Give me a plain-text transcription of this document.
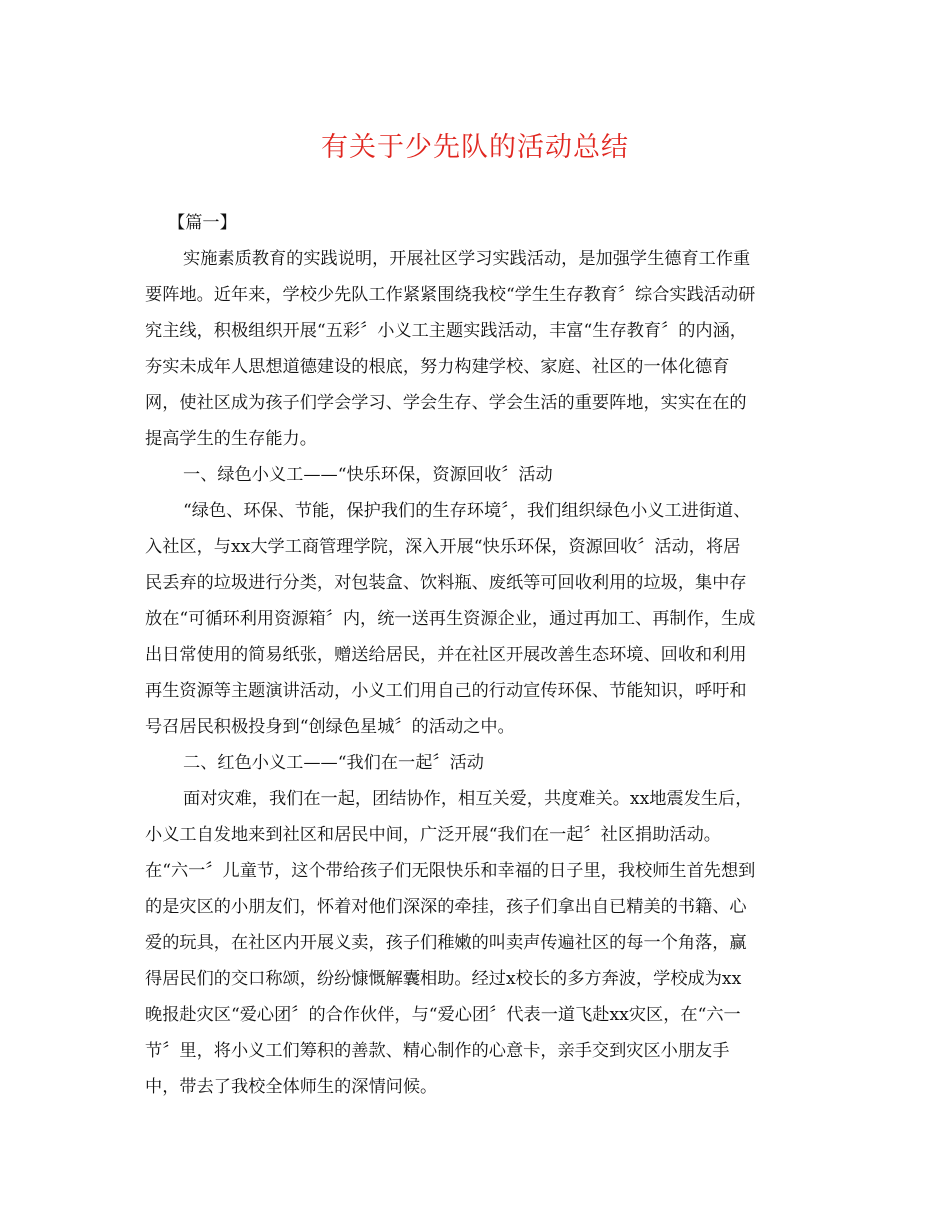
有关于少先队的活动总结

【篇一】

实施素质教育的实践说明，开展社区学习实践活动，是加强学生德育工作重

要阵地。近年来，学校少先队工作紧紧围绕我校“学生生存教育〞综合实践活动研

究主线，积极组织开展“五彩〞小义工主题实践活动，丰富“生存教育〞的内涵，

夯实未成年人思想道德建设的根底，努力构建学校、家庭、社区的一体化德育

网，使社区成为孩子们学会学习、学会生存、学会生活的重要阵地，实实在在的

提高学生的生存能力。

一、绿色小义工——“快乐环保，资源回收〞活动

“绿色、环保、节能，保护我们的生存环境〞，我们组织绿色小义工进街道、

入社区，与xx大学工商管理学院，深入开展“快乐环保，资源回收〞活动，将居

民丢弃的垃圾进行分类，对包装盒、饮料瓶、废纸等可回收利用的垃圾，集中存

放在“可循环利用资源箱〞内，统一送再生资源企业，通过再加工、再制作，生成

出日常使用的简易纸张，赠送给居民，并在社区开展改善生态环境、回收和利用

再生资源等主题演讲活动，小义工们用自己的行动宣传环保、节能知识，呼吁和

号召居民积极投身到“创绿色星城〞的活动之中。

二、红色小义工——“我们在一起〞活动

面对灾难，我们在一起，团结协作，相互关爱，共度难关。xx地震发生后，

小义工自发地来到社区和居民中间，广泛开展“我们在一起〞社区捐助活动。

在“六一〞儿童节，这个带给孩子们无限快乐和幸福的日子里，我校师生首先想到

的是灾区的小朋友们，怀着对他们深深的牵挂，孩子们拿出自已精美的书籍、心

爱的玩具，在社区内开展义卖，孩子们稚嫩的叫卖声传遍社区的每一个角落，赢

得居民们的交口称颂，纷纷慷慨解囊相助。经过x校长的多方奔波，学校成为xx

晚报赴灾区“爱心团〞的合作伙伴，与“爱心团〞代表一道飞赴xx灾区，在“六一

节〞里，将小义工们筹积的善款、精心制作的心意卡，亲手交到灾区小朋友手

中，带去了我校全体师生的深情问候。
